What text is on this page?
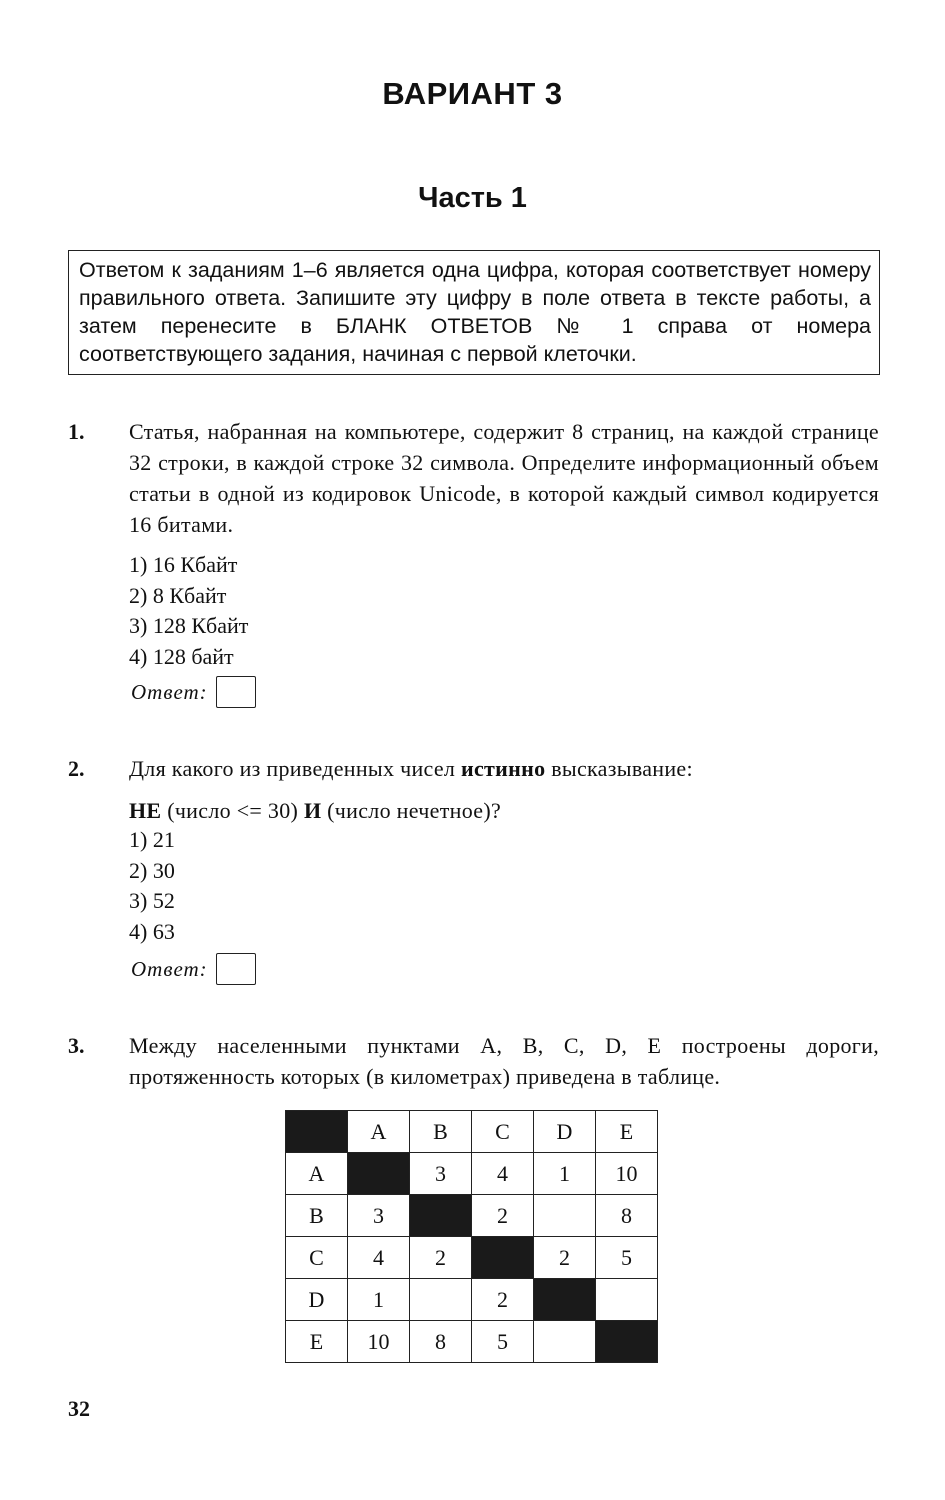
ВАРИАНТ 3
Часть 1
Ответом к заданиям 1–6 является одна цифра, которая соответствует номеру правильного ответа. Запишите эту цифру в поле ответа в тексте работы, а затем перенесите в БЛАНК ОТВЕТОВ № 1 справа от номера соответствующего задания, начиная с первой клеточки.
1. Статья, набранная на компьютере, содержит 8 страниц, на каждой странице 32 строки, в каждой строке 32 символа. Определите информационный объем статьи в одной из кодировок Unicode, в которой каждый символ кодируется 16 битами.
1) 16 Кбайт
2) 8 Кбайт
3) 128 Кбайт
4) 128 байт
Ответ:
2. Для какого из приведенных чисел истинно высказывание:

НЕ (число <= 30) И (число нечетное)?

1) 21
2) 30
3) 52
4) 63
Ответ:
3. Между населенными пунктами A, B, C, D, E построены дороги, протяженность которых (в километрах) приведена в таблице.
	A	B	C	D	E
A		3	4	1	10
B	3		2		8
C	4	2		2	5
D	1		2		
E	10	8	5		
32
